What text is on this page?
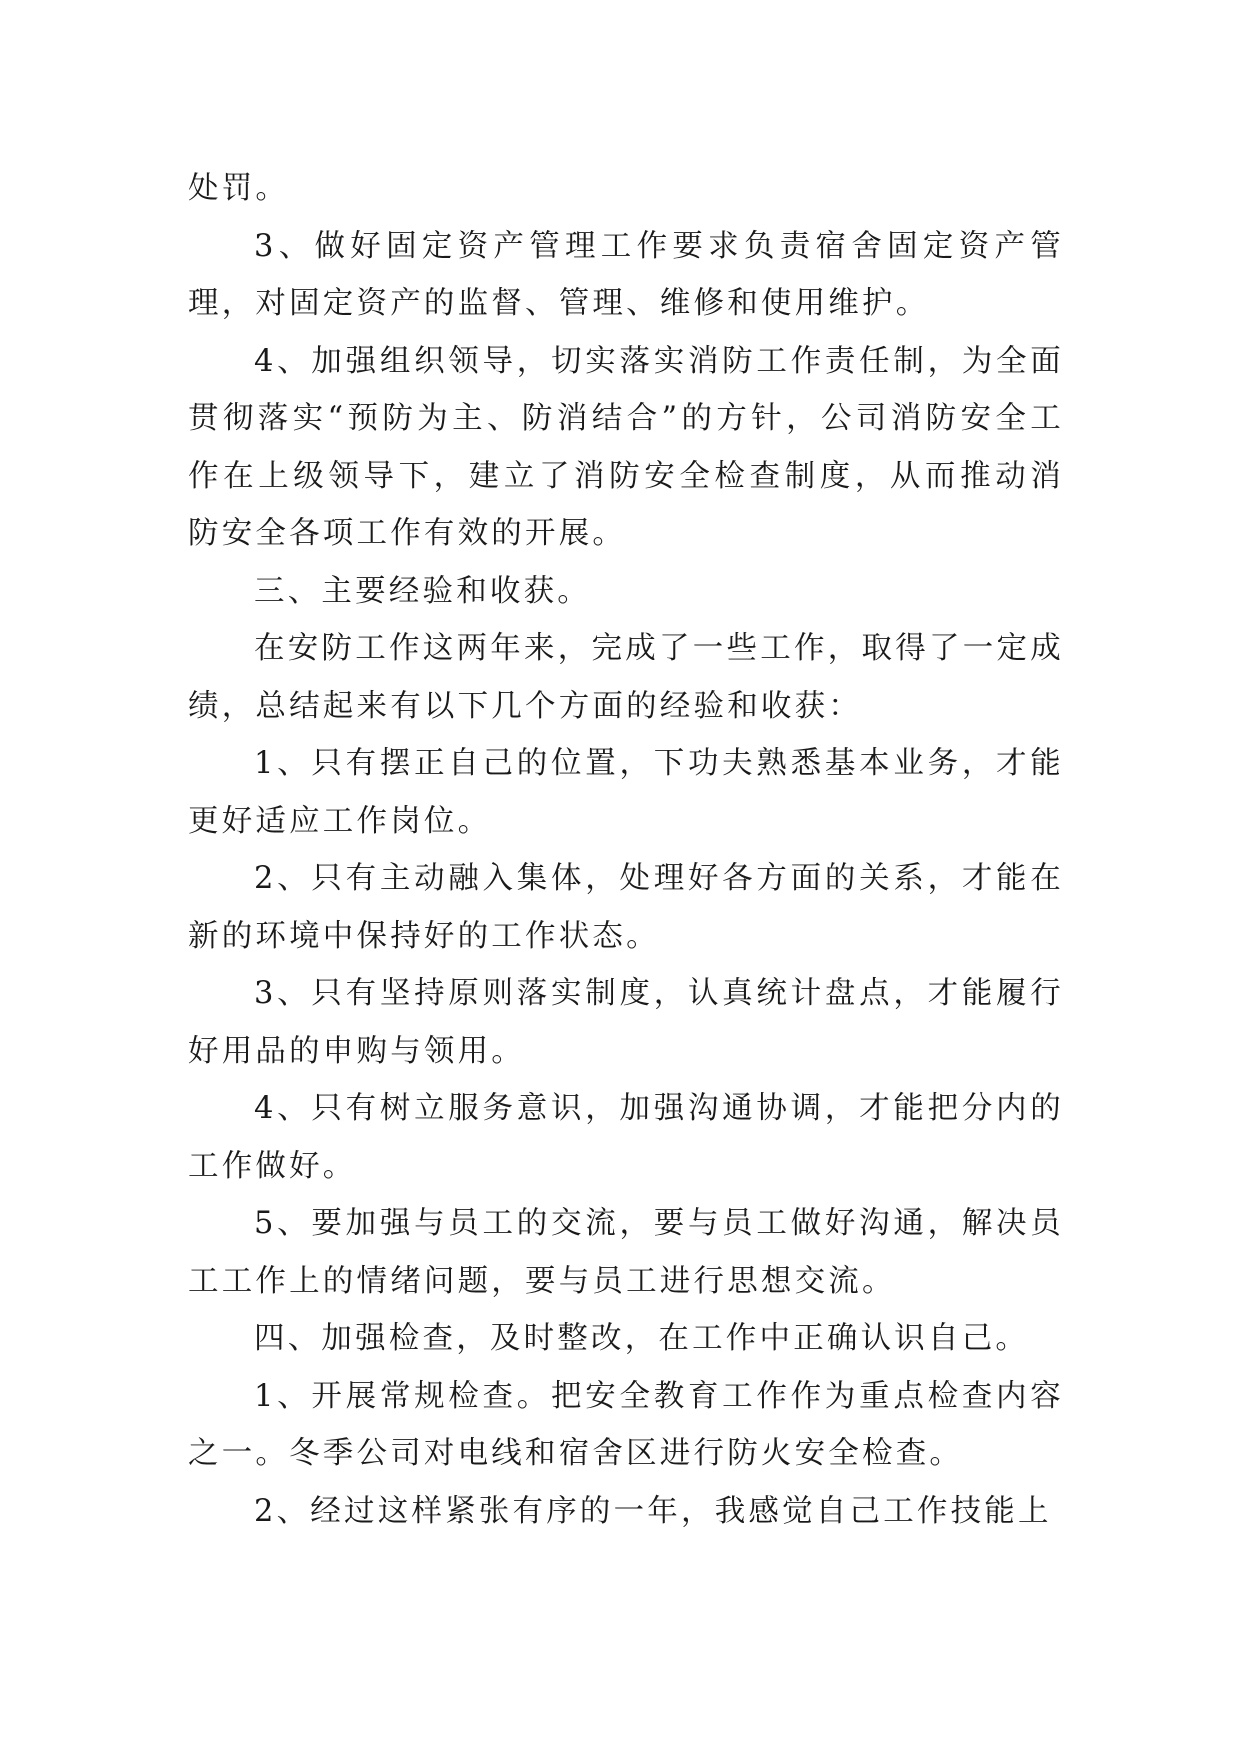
处罚。

3、做好固定资产管理工作要求负责宿舍固定资产管理，对固定资产的监督、管理、维修和使用维护。

4、加强组织领导，切实落实消防工作责任制，为全面贯彻落实“预防为主、防消结合”的方针，公司消防安全工作在上级领导下，建立了消防安全检查制度，从而推动消防安全各项工作有效的开展。

三、主要经验和收获。

在安防工作这两年来，完成了一些工作，取得了一定成绩，总结起来有以下几个方面的经验和收获：

1、只有摆正自己的位置，下功夫熟悉基本业务，才能更好适应工作岗位。

2、只有主动融入集体，处理好各方面的关系，才能在新的环境中保持好的工作状态。

3、只有坚持原则落实制度，认真统计盘点，才能履行好用品的申购与领用。

4、只有树立服务意识，加强沟通协调，才能把分内的工作做好。

5、要加强与员工的交流，要与员工做好沟通，解决员工工作上的情绪问题，要与员工进行思想交流。

四、加强检查，及时整改，在工作中正确认识自己。

1、开展常规检查。把安全教育工作作为重点检查内容之一。冬季公司对电线和宿舍区进行防火安全检查。

2、经过这样紧张有序的一年，我感觉自己工作技能上
